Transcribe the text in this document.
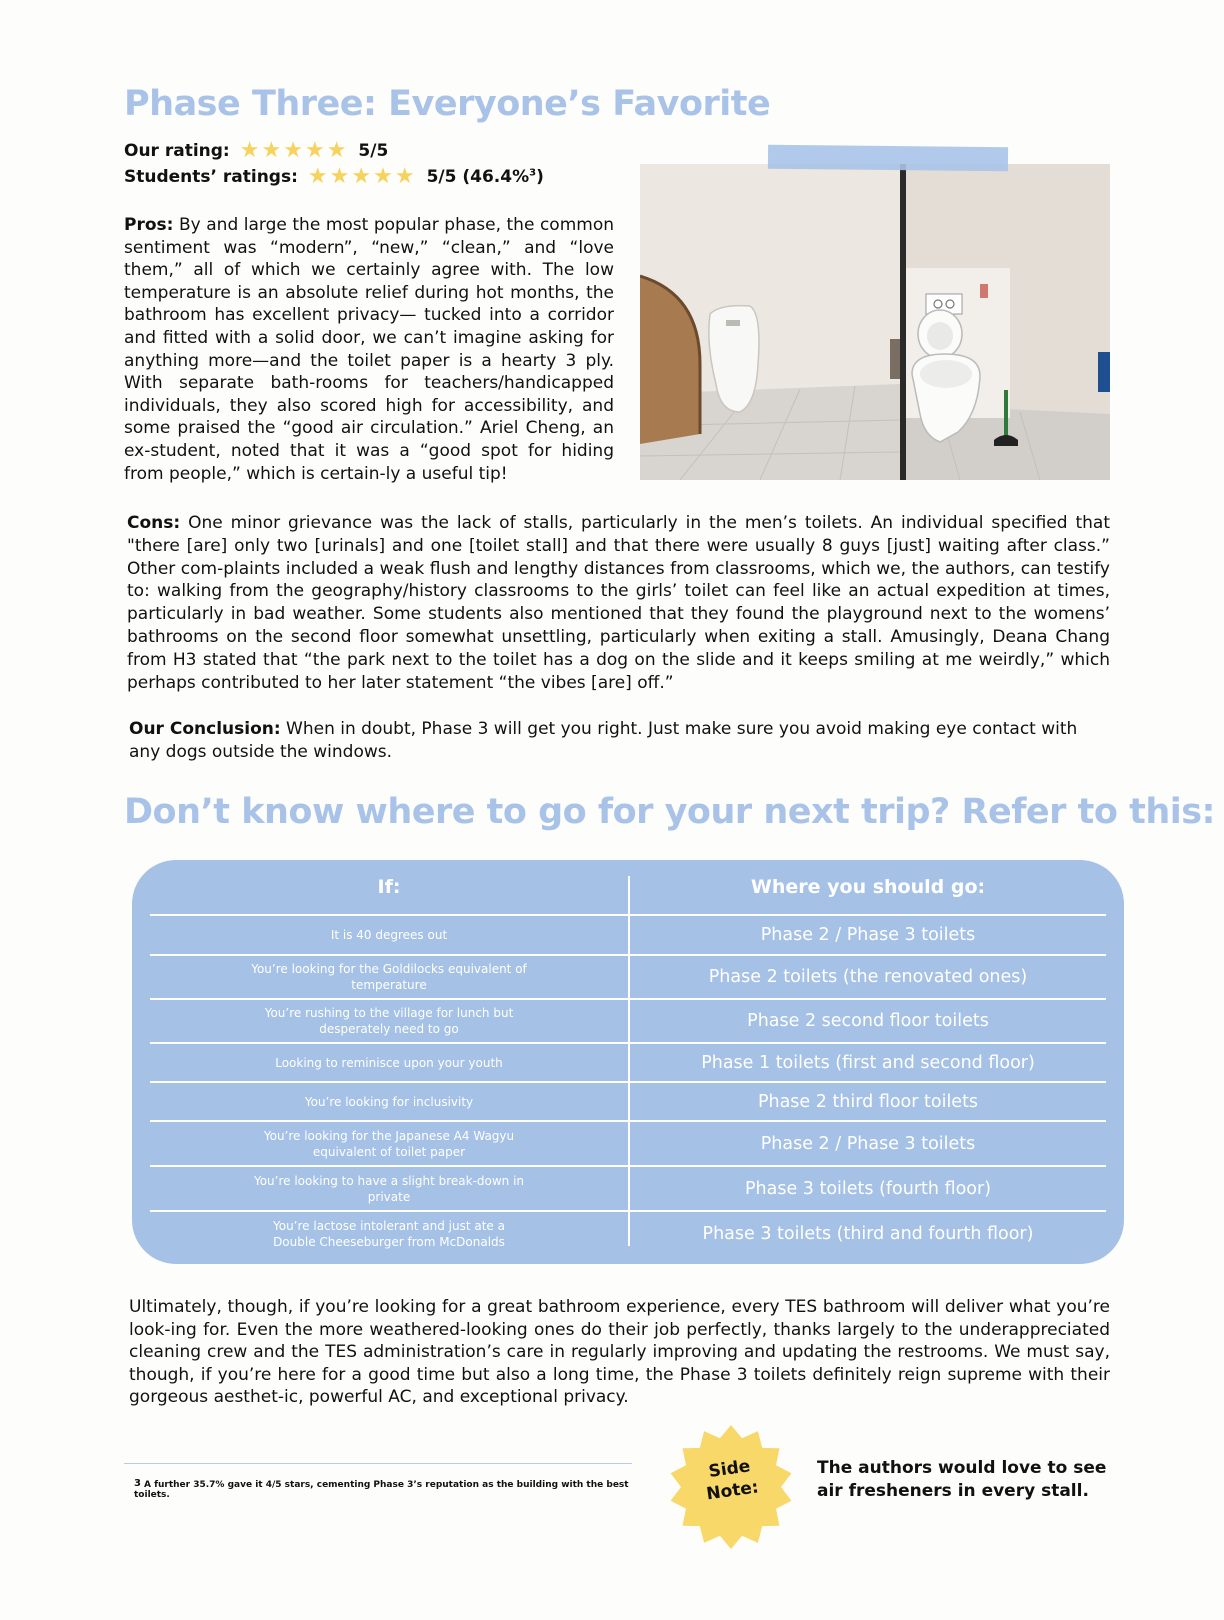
Phase Three: Everyone’s Favorite
Our rating: ★ ★ ★ ★ ★ 5/5
Students’ ratings: ★ ★ ★ ★ ★ 5/5 (46.4%$^3$)
Pros: By and large the most popular phase, the common sentiment was “modern”, “new,” “clean,” and “love them,” all of which we certainly agree with. The low temperature is an absolute relief during hot months, the bathroom has excellent privacy— tucked into a corridor and fitted with a solid door, we can’t imagine asking for anything more—and the toilet paper is a hearty 3 ply. With separate bath-rooms for teachers/handicapped individuals, they also scored high for accessibility, and some praised the “good air circulation.” Ariel Cheng, an ex-student, noted that it was a “good spot for hiding from people,” which is certain-ly a useful tip!
Cons: One minor grievance was the lack of stalls, particularly in the men’s toilets. An individual specified that "there [are] only two [urinals] and one [toilet stall] and that there were usually 8 guys [just] waiting after class.” Other com-plaints included a weak flush and lengthy distances from classrooms, which we, the authors, can testify to: walking from the geography/history classrooms to the girls’ toilet can feel like an actual expedition at times, particularly in bad weather. Some students also mentioned that they found the playground next to the womens’ bathrooms on the second floor somewhat unsettling, particularly when exiting a stall. Amusingly, Deana Chang from H3 stated that “the park next to the toilet has a dog on the slide and it keeps smiling at me weirdly,” which perhaps contributed to her later statement “the vibes [are] off.”
Our Conclusion: When in doubt, Phase 3 will get you right. Just make sure you avoid making eye contact with any dogs outside the windows.
Don’t know where to go for your next trip? Refer to this:
If:	Where you should go:
It is 40 degrees out	Phase 2 / Phase 3 toilets
You’re looking for the Goldilocks equivalent of temperature	Phase 2 toilets (the renovated ones)
You’re rushing to the village for lunch but desperately need to go	Phase 2 second floor toilets
Looking to reminisce upon your youth	Phase 1 toilets (first and second floor)
You’re looking for inclusivity	Phase 2 third floor toilets
You’re looking for the Japanese A4 Wagyu equivalent of toilet paper	Phase 2 / Phase 3 toilets
You’re looking to have a slight break-down in private	Phase 3 toilets (fourth floor)
You’re lactose intolerant and just ate a Double Cheeseburger from McDonalds	Phase 3 toilets (third and fourth floor)
Ultimately, though, if you’re looking for a great bathroom experience, every TES bathroom will deliver what you’re look-ing for. Even the more weathered-looking ones do their job perfectly, thanks largely to the underappreciated cleaning crew and the TES administration’s care in regularly improving and updating the restrooms. We must say, though, if you’re here for a good time but also a long time, the Phase 3 toilets definitely reign supreme with their gorgeous aesthet-ic, powerful AC, and exceptional privacy.
$^3$ A further 35.7% gave it 4/5 stars, cementing Phase 3’s reputation as the building with the best toilets.
Side
Note:
The authors would love to see air fresheners in every stall.
